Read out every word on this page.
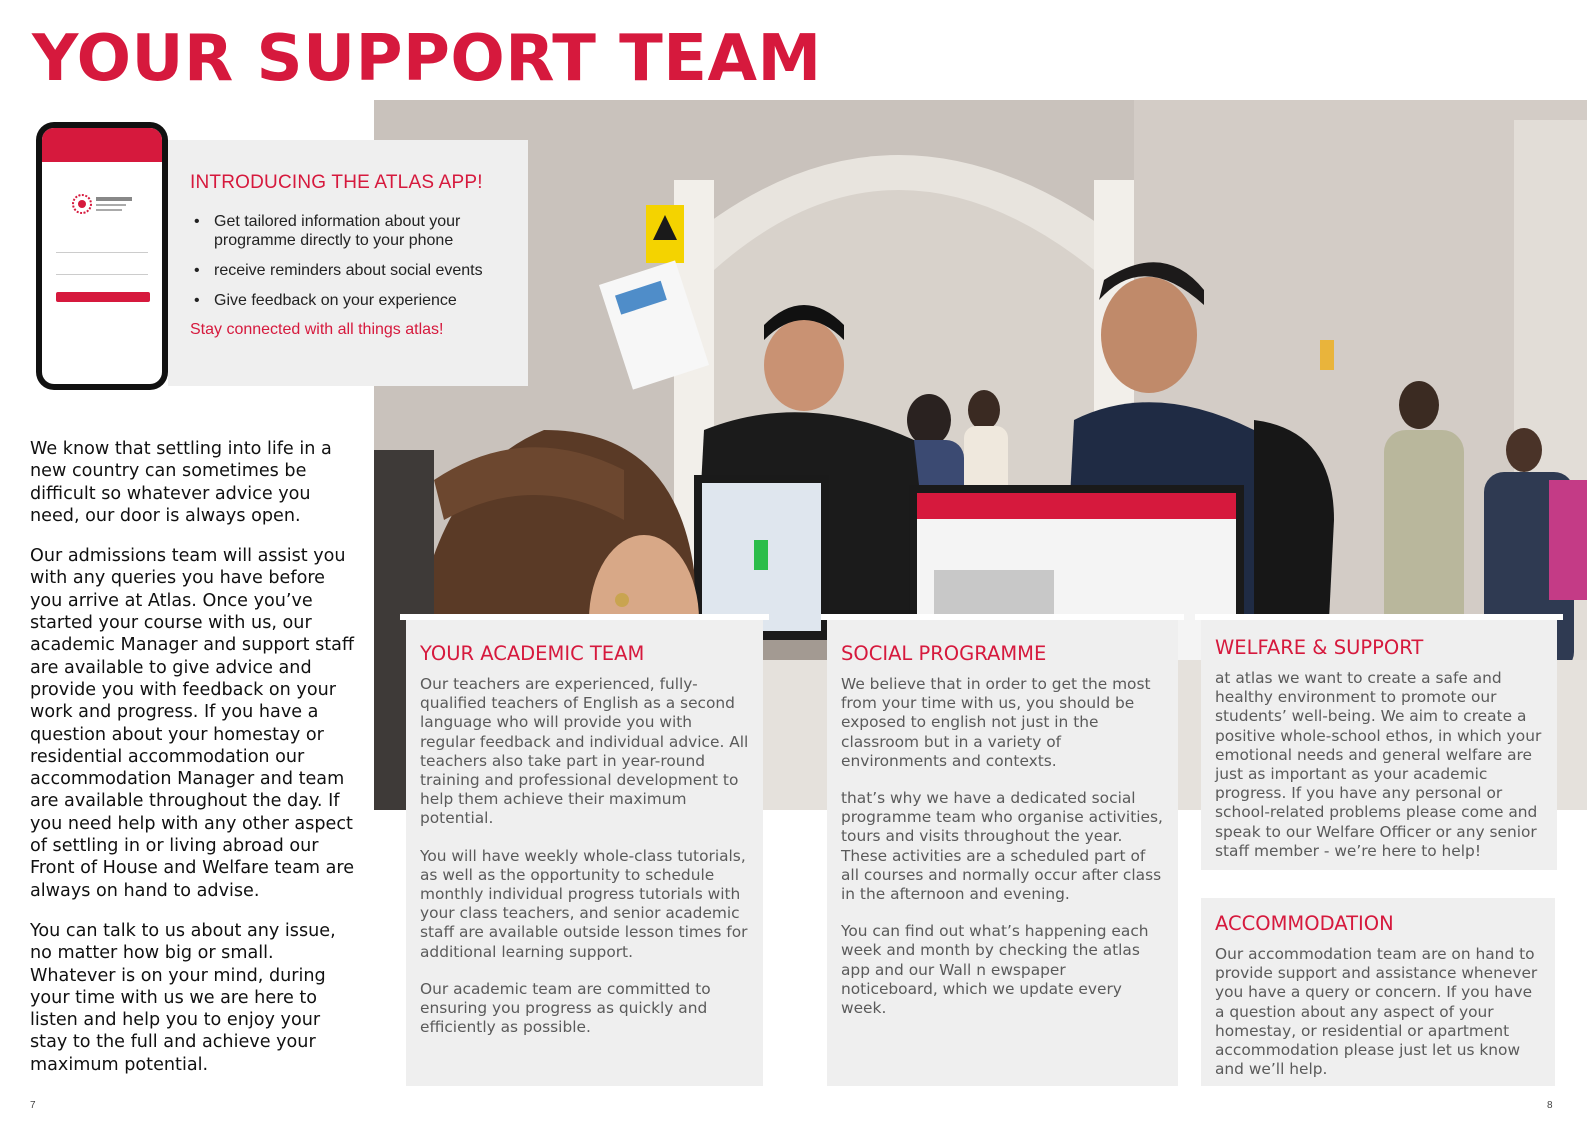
YOUR SUPPORT TEAM
INTRODUCING THE ATLAS APP!
• Get tailored information about your programme directly to your phone
• receive reminders about social events
• Give feedback on your experience

Stay connected with all things atlas!

We know that settling into life in a new country can sometimes be difficult so whatever advice you need, our door is always open.

Our admissions team will assist you with any queries you have before you arrive at Atlas. Once you’ve started your course with us, our academic Manager and support staff are available to give advice and provide you with feedback on your work and progress. If you have a question about your homestay or residential accommodation our accommodation Manager and team are available throughout the day. If you need help with any other aspect of settling in or living abroad our Front of House and Welfare team are always on hand to advise.

You can talk to us about any issue, no matter how big or small. Whatever is on your mind, during your time with us we are here to listen and help you to enjoy your stay to the full and achieve your maximum potential.

YOUR ACADEMIC TEAM

Our teachers are experienced, fully-qualified teachers of English as a second language who will provide you with regular feedback and individual advice. All teachers also take part in year-round training and professional development to help them achieve their maximum potential.

You will have weekly whole-class tutorials, as well as the opportunity to schedule monthly individual progress tutorials with your class teachers, and senior academic staff are available outside lesson times for additional learning support.

Our academic team are committed to ensuring you progress as quickly and efficiently as possible.

SOCIAL PROGRAMME

We believe that in order to get the most from your time with us, you should be exposed to english not just in the classroom but in a variety of environments and contexts.

that’s why we have a dedicated social programme team who organise activities, tours and visits throughout the year. These activities are a scheduled part of all courses and normally occur after class in the afternoon and evening.

You can find out what’s happening each week and month by checking the atlas app and our Wall n ewspaper noticeboard, which we update every week.

WELFARE & SUPPORT

at atlas we want to create a safe and healthy environment to promote our students’ well-being. We aim to create a positive whole-school ethos, in which your emotional needs and general welfare are just as important as your academic progress. If you have any personal or school-related problems please come and speak to our Welfare Officer or any senior staff member - we’re here to help!

ACCOMMODATION

Our accommodation team are on hand to provide support and assistance whenever you have a query or concern. If you have a question about any aspect of your homestay, or residential or apartment accommodation please just let us know and we’ll help.

7	8
